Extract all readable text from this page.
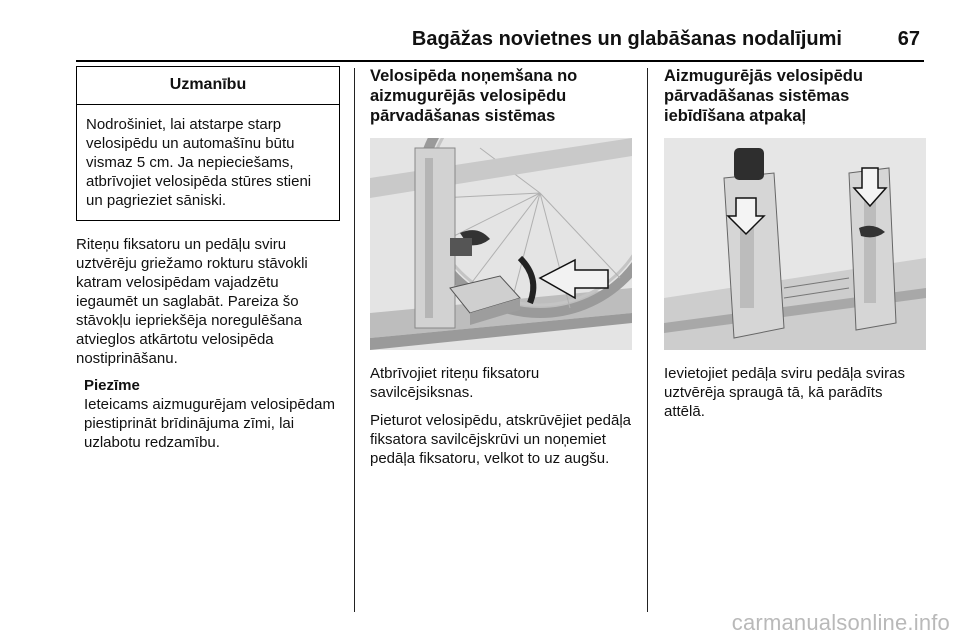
Bagāžas novietnes un glabāšanas nodalījumi	67
Uzmanību
Nodrošiniet, lai atstarpe starp velosipēdu un automašīnu būtu vismaz 5 cm. Ja nepieciešams, atbrīvojiet velosipēda stūres stieni un pagrieziet sāniski.

Riteņu fiksatoru un pedāļu sviru uztvērēju griežamo rokturu stāvokli katram velosipēdam vajadzētu iegaumēt un saglabāt. Pareiza šo stāvokļu iepriekšēja noregulēšana atvieglos atkārtotu velosipēda nostiprināšanu.

Piezīme
Ieteicams aizmugurējam velosipēdam piestiprināt brīdinājuma zīmi, lai uzlabotu redzamību.
Velosipēda noņemšana no aizmugurējās velosipēdu pārvadāšanas sistēmas
Atbrīvojiet riteņu fiksatoru savilcējsiksnas.

Pieturot velosipēdu, atskrūvējiet pedāļa fiksatora savilcējskrūvi un noņemiet pedāļa fiksatoru, velkot to uz augšu.

Aizmugurējās velosipēdu pārvadāšanas sistēmas iebīdīšana atpakaļ
Ievietojiet pedāļa sviru pedāļa sviras uztvērēja spraugā tā, kā parādīts attēlā.
carmanualsonline.info
